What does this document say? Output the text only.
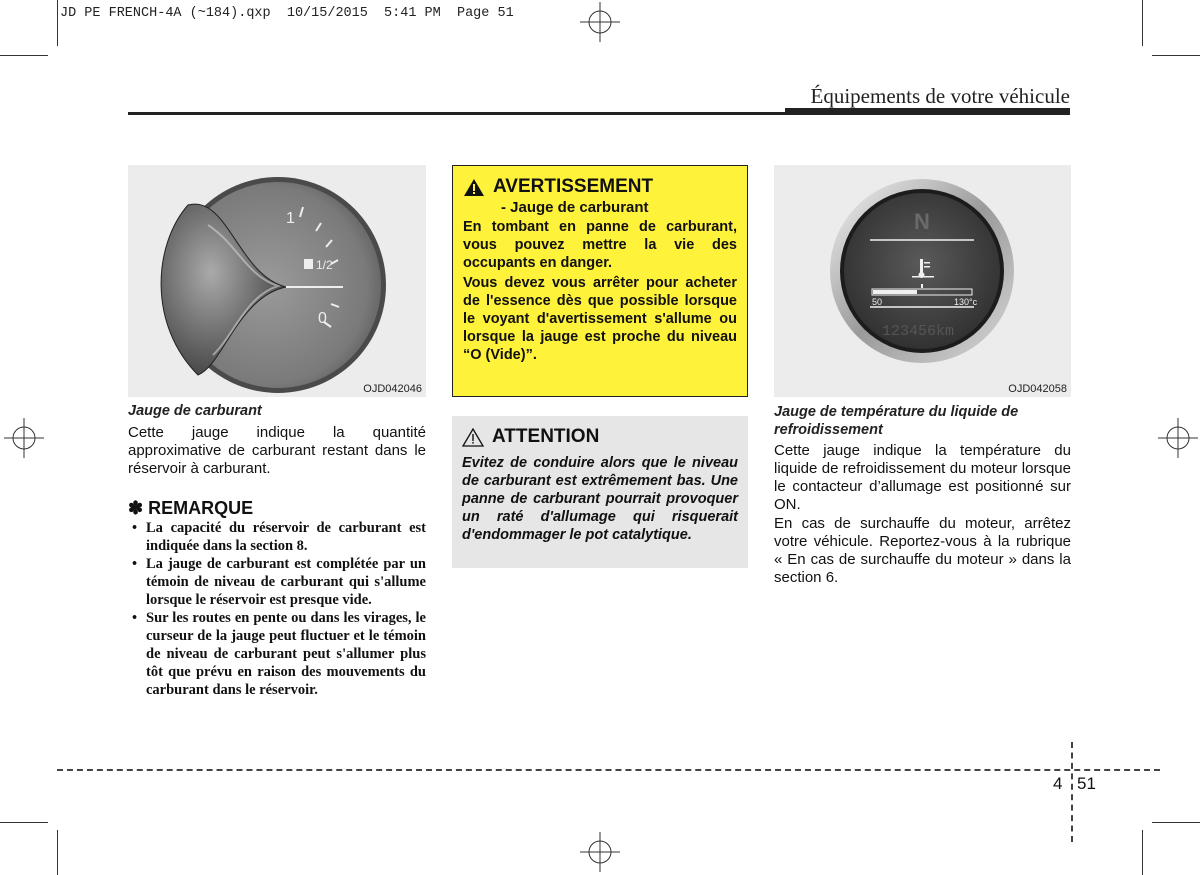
JD PE FRENCH-4A (~184).qxp  10/15/2015  5:41 PM  Page 51
Équipements de votre véhicule
1
1/2
0
OJD042046
Jauge de carburant
Cette jauge indique la quantité approximative de carburant restant dans le réservoir à carburant.
✽ REMARQUE
• La capacité du réservoir de carburant est indiquée dans la section 8.
• La jauge de carburant est complétée par un témoin de niveau de carburant qui s'allume lorsque le réservoir est presque vide.
• Sur les routes en pente ou dans les virages, le curseur de la jauge peut fluctuer et le témoin de niveau de carburant peut s'allumer plus tôt que prévu en raison des mouvements du carburant dans le réservoir.
AVERTISSEMENT
- Jauge de carburant
En tombant en panne de carburant, vous pouvez mettre la vie des occupants en danger.
Vous devez vous arrêter pour acheter de l'essence dès que possible lorsque le voyant d'avertissement s'allume ou lorsque la jauge est proche du niveau “O (Vide)”.
ATTENTION
Evitez de conduire alors que le niveau de carburant est extrêmement bas. Une panne de carburant pourrait provoquer un raté d'allumage qui risquerait d'endommager le pot catalytique.
N
50	130°c
123456km
OJD042058
Jauge de température du liquide de refroidissement
Cette jauge indique la température du liquide de refroidissement du moteur lorsque le contacteur d’allumage est positionné sur ON.
En cas de surchauffe du moteur, arrêtez votre véhicule. Reportez-vous à la rubrique « En cas de surchauffe du moteur » dans la section 6.
4 51
